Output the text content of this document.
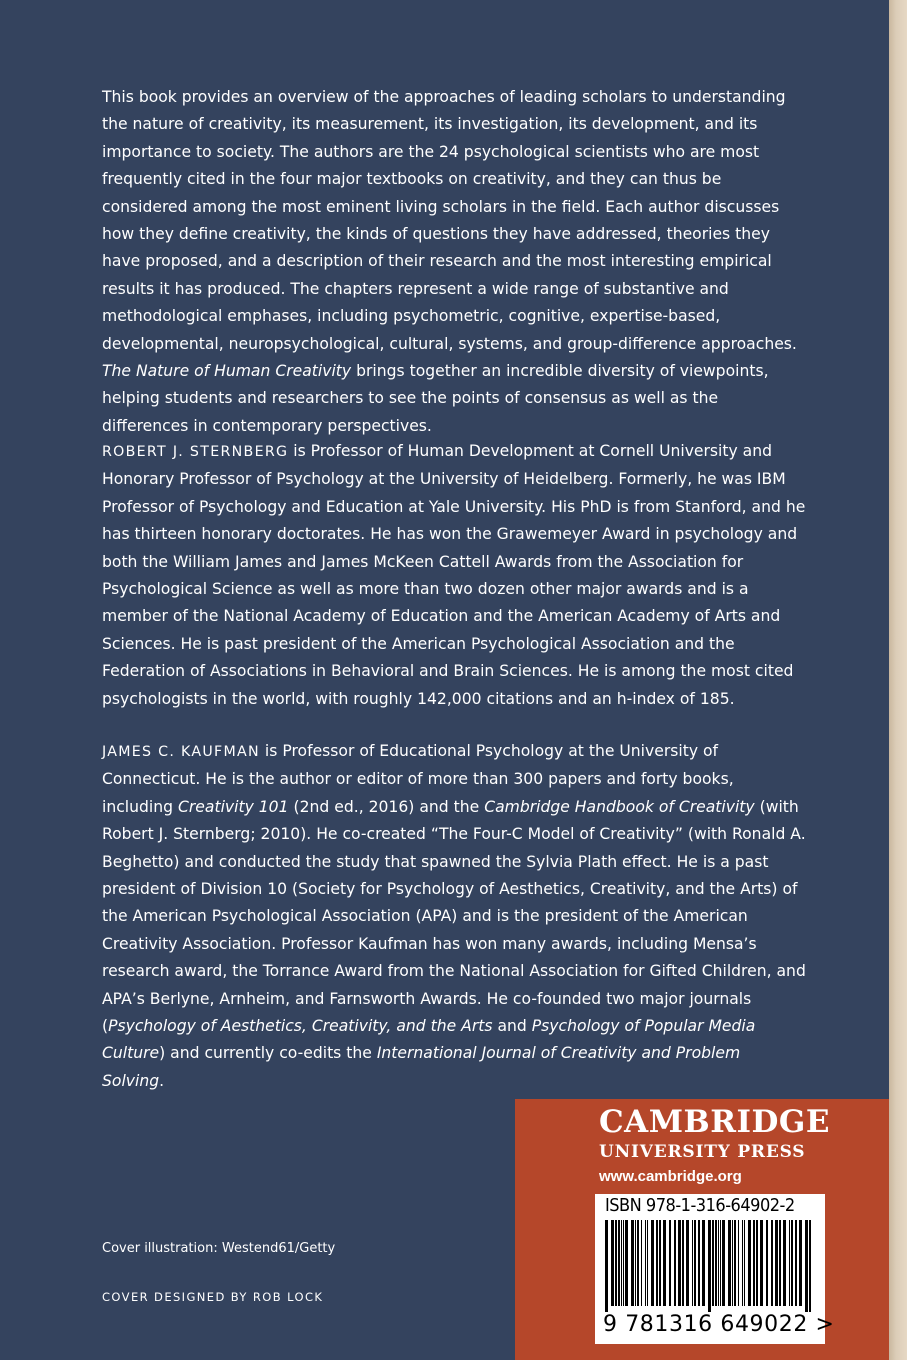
This book provides an overview of the approaches of leading scholars to understanding the nature of creativity, its measurement, its investigation, its development, and its importance to society. The authors are the 24 psychological scientists who are most frequently cited in the four major textbooks on creativity, and they can thus be considered among the most eminent living scholars in the field. Each author discusses how they define creativity, the kinds of questions they have addressed, theories they have proposed, and a description of their research and the most interesting empirical results it has produced. The chapters represent a wide range of substantive and methodological emphases, including psychometric, cognitive, expertise-based, developmental, neuropsychological, cultural, systems, and group-difference approaches. The Nature of Human Creativity brings together an incredible diversity of viewpoints, helping students and researchers to see the points of consensus as well as the differences in contemporary perspectives.

ROBERT J. STERNBERG is Professor of Human Development at Cornell University and Honorary Professor of Psychology at the University of Heidelberg. Formerly, he was IBM Professor of Psychology and Education at Yale University. His PhD is from Stanford, and he has thirteen honorary doctorates. He has won the Grawemeyer Award in psychology and both the William James and James McKeen Cattell Awards from the Association for Psychological Science as well as more than two dozen other major awards and is a member of the National Academy of Education and the American Academy of Arts and Sciences. He is past president of the American Psychological Association and the Federation of Associations in Behavioral and Brain Sciences. He is among the most cited psychologists in the world, with roughly 142,000 citations and an h-index of 185.

JAMES C. KAUFMAN is Professor of Educational Psychology at the University of Connecticut. He is the author or editor of more than 300 papers and forty books, including Creativity 101 (2nd ed., 2016) and the Cambridge Handbook of Creativity (with Robert J. Sternberg; 2010). He co-created “The Four-C Model of Creativity” (with Ronald A. Beghetto) and conducted the study that spawned the Sylvia Plath effect. He is a past president of Division 10 (Society for Psychology of Aesthetics, Creativity, and the Arts) of the American Psychological Association (APA) and is the president of the American Creativity Association. Professor Kaufman has won many awards, including Mensa’s research award, the Torrance Award from the National Association for Gifted Children, and APA’s Berlyne, Arnheim, and Farnsworth Awards. He co-founded two major journals (Psychology of Aesthetics, Creativity, and the Arts and Psychology of Popular Media Culture) and currently co-edits the International Journal of Creativity and Problem Solving.

Cover illustration: Westend61/Getty
COVER DESIGNED BY ROB LOCK
CAMBRIDGE
UNIVERSITY PRESS
www.cambridge.org
ISBN 978-1-316-64902-2
9 781316 649022 >
